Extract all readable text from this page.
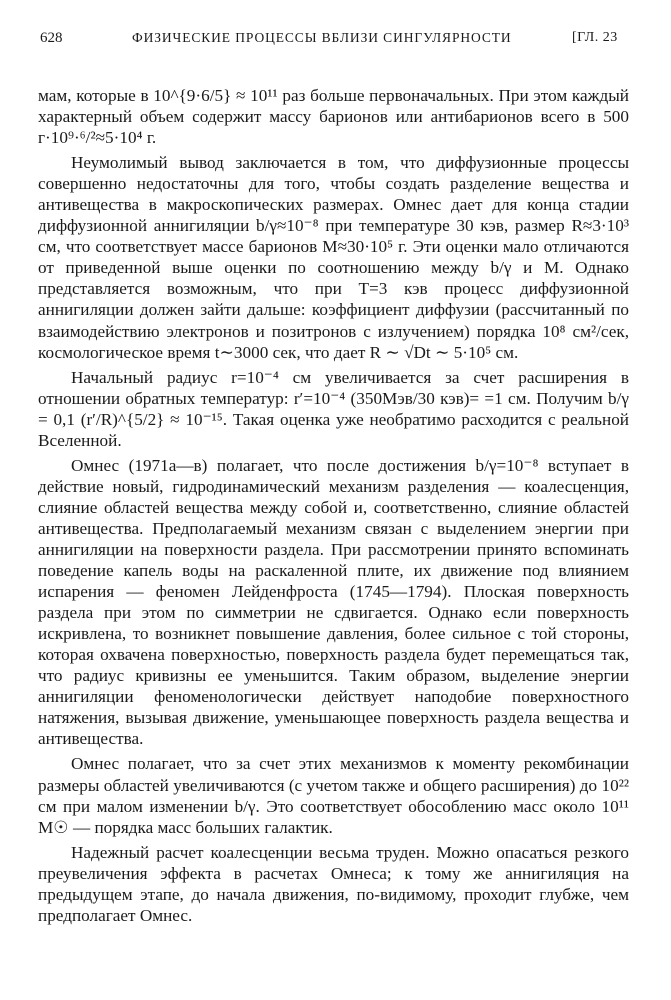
628	ФИЗИЧЕСКИЕ ПРОЦЕССЫ ВБЛИЗИ СИНГУЛЯРНОСТИ	[ГЛ. 23

мам, которые в 10^{9·6/5} ≈ 10¹¹ раз больше первоначальных. При этом каждый характерный объем содержит массу барионов или антибарионов всего в 500 г·10⁹·⁶/²≈5·10⁴ г.

Неумолимый вывод заключается в том, что диффузионные процессы совершенно недостаточны для того, чтобы создать разделение вещества и антивещества в макроскопических размерах. Омнес дает для конца стадии диффузионной аннигиляции b/γ≈10⁻⁸ при температуре 30 кэв, размер R≈3·10³ см, что соответствует массе барионов M≈30·10⁵ г. Эти оценки мало отличаются от приведенной выше оценки по соотношению между b/γ и M. Однако представляется возможным, что при T=3 кэв процесс диффузионной аннигиляции должен зайти дальше: коэффициент диффузии (рассчитанный по взаимодействию электронов и позитронов с излучением) порядка 10⁸ см²/сек, космологическое время t∼3000 сек, что дает R ∼ √Dt ∼ 5·10⁵ см.

Начальный радиус r=10⁻⁴ см увеличивается за счет расширения в отношении обратных температур: r′=10⁻⁴ (350Мэв/30 кэв)= =1 см. Получим b/γ = 0,1 (r′/R)^{5/2} ≈ 10⁻¹⁵. Такая оценка уже необратимо расходится с реальной Вселенной.

Омнес (1971а—в) полагает, что после достижения b/γ=10⁻⁸ вступает в действие новый, гидродинамический механизм разделения — коалесценция, слияние областей вещества между собой и, соответственно, слияние областей антивещества. Предполагаемый механизм связан с выделением энергии при аннигиляции на поверхности раздела. При рассмотрении принято вспоминать поведение капель воды на раскаленной плите, их движение под влиянием испарения — феномен Лейденфроста (1745—1794). Плоская поверхность раздела при этом по симметрии не сдвигается. Однако если поверхность искривлена, то возникнет повышение давления, более сильное с той стороны, которая охвачена поверхностью, поверхность раздела будет перемещаться так, что радиус кривизны ее уменьшится. Таким образом, выделение энергии аннигиляции феноменологически действует наподобие поверхностного натяжения, вызывая движение, уменьшающее поверхность раздела вещества и антивещества.

Омнес полагает, что за счет этих механизмов к моменту рекомбинации размеры областей увеличиваются (с учетом также и общего расширения) до 10²² см при малом изменении b/γ. Это соответствует обособлению масс около 10¹¹ M☉ — порядка масс больших галактик.

Надежный расчет коалесценции весьма труден. Можно опасаться резкого преувеличения эффекта в расчетах Омнеса; к тому же аннигиляция на предыдущем этапе, до начала движения, по-видимому, проходит глубже, чем предполагает Омнес.
